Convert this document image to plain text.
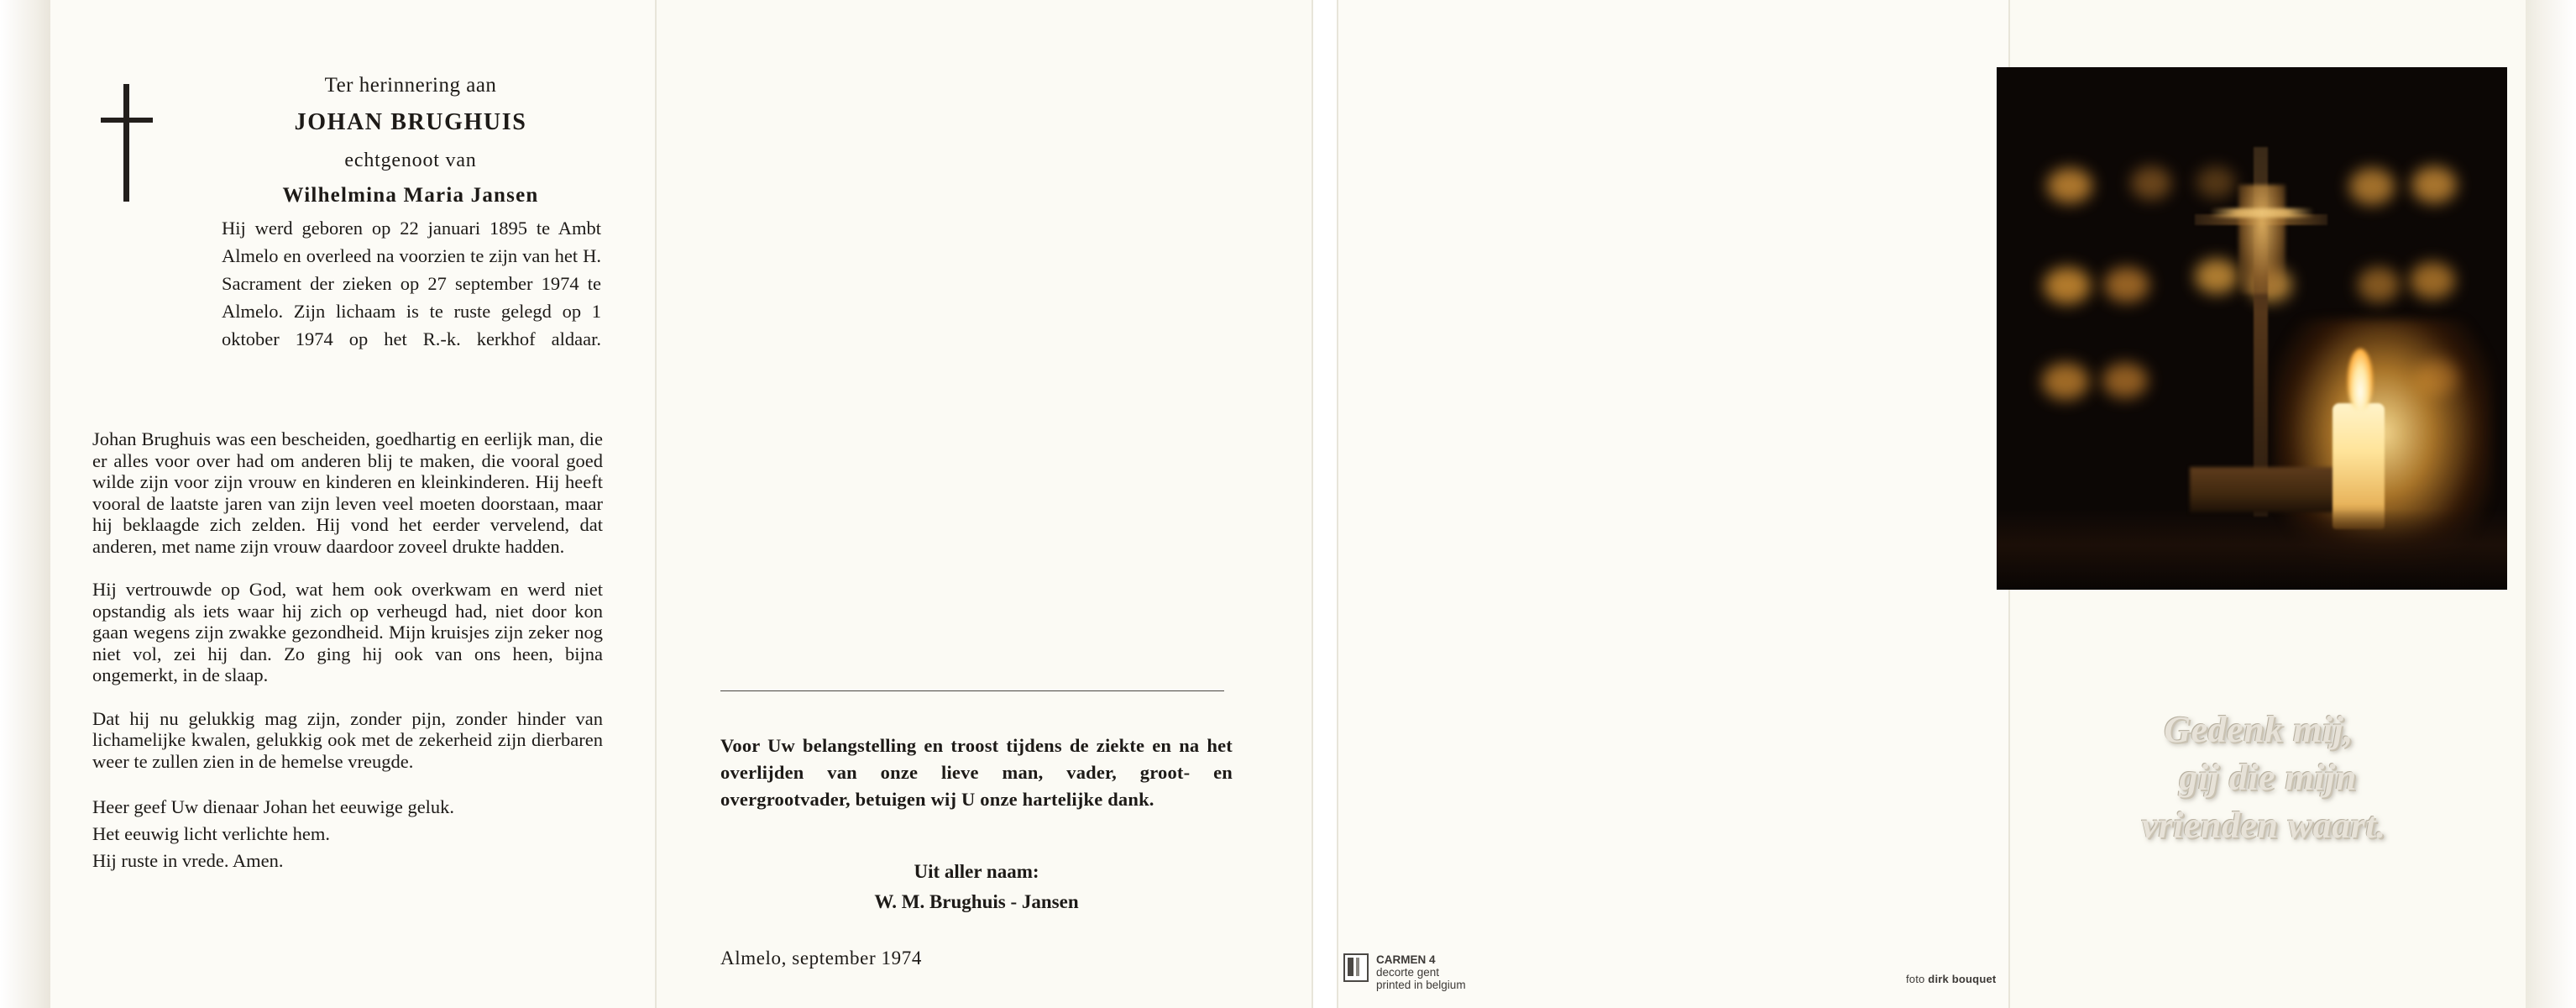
Ter herinnering aan
JOHAN BRUGHUIS
echtgenoot van
Wilhelmina Maria Jansen

Hij werd geboren op 22 januari 1895 te Ambt Almelo en overleed na voorzien te zijn van het H. Sacrament der zieken op 27 september 1974 te Almelo. Zijn lichaam is te ruste gelegd op 1 oktober 1974 op het R.-k. kerkhof aldaar.

Johan Brughuis was een bescheiden, goedhartig en eerlijk man, die er alles voor over had om anderen blij te maken, die vooral goed wilde zijn voor zijn vrouw en kinderen en kleinkinderen. Hij heeft vooral de laatste jaren van zijn leven veel moeten doorstaan, maar hij beklaagde zich zelden. Hij vond het eerder vervelend, dat anderen, met name zijn vrouw daardoor zoveel drukte hadden.

Hij vertrouwde op God, wat hem ook overkwam en werd niet opstandig als iets waar hij zich op verheugd had, niet door kon gaan wegens zijn zwakke gezondheid. Mijn kruisjes zijn zeker nog niet vol, zei hij dan. Zo ging hij ook van ons heen, bijna ongemerkt, in de slaap.

Dat hij nu gelukkig mag zijn, zonder pijn, zonder hinder van lichamelijke kwalen, gelukkig ook met de zekerheid zijn dierbaren weer te zullen zien in de hemelse vreugde.

Heer geef Uw dienaar Johan het eeuwige geluk.

Het eeuwig licht verlichte hem.

Hij ruste in vrede. Amen.

Voor Uw belangstelling en troost tijdens de ziekte en na het overlijden van onze lieve man, vader, groot- en overgrootvader, betuigen wij U onze hartelijke dank.
Uit aller naam:
W. M. Brughuis - Jansen
Almelo, september 1974	CARMEN 4
decorte gent
printed in belgium	foto dirk bouquet
Gedenk mij,
gij die mijn
vrienden waart.
